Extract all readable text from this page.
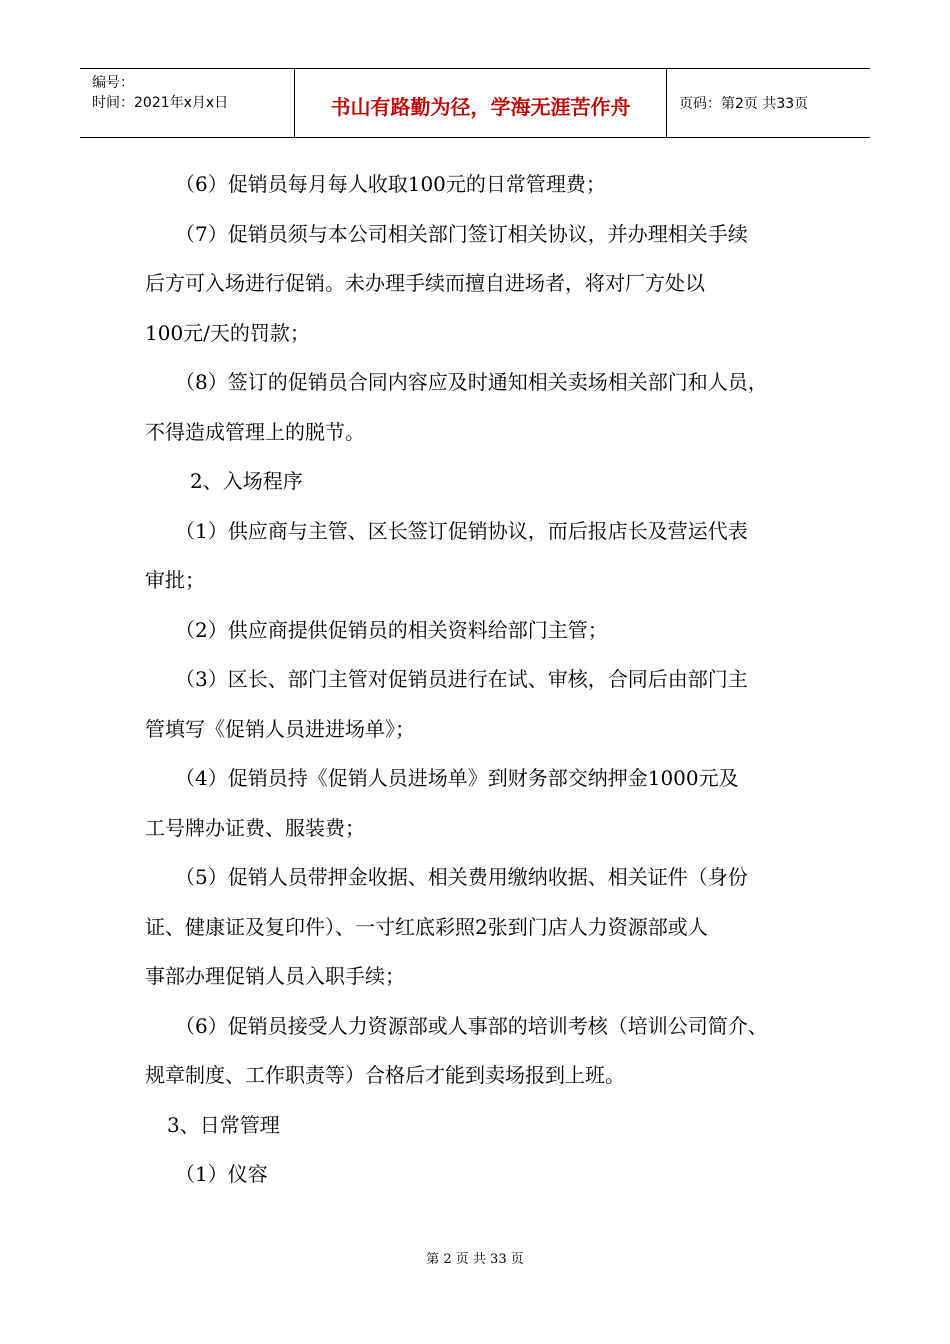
编号：
时间：2021年x月x日	书山有路勤为径，学海无涯苦作舟	页码：第2页 共33页

（6）促销员每月每人收取100元的日常管理费；

（7）促销员须与本公司相关部门签订相关协议，并办理相关手续

后方可入场进行促销。未办理手续而擅自进场者，将对厂方处以

100元/天的罚款；

（8）签订的促销员合同内容应及时通知相关卖场相关部门和人员，

不得造成管理上的脱节。

2、入场程序

（1）供应商与主管、区长签订促销协议，而后报店长及营运代表

审批；

（2）供应商提供促销员的相关资料给部门主管；

（3）区长、部门主管对促销员进行在试、审核，合同后由部门主

管填写《促销人员进进场单》；

（4）促销员持《促销人员进场单》到财务部交纳押金1000元及

工号牌办证费、服装费；

（5）促销人员带押金收据、相关费用缴纳收据、相关证件（身份

证、健康证及复印件）、一寸红底彩照2张到门店人力资源部或人

事部办理促销人员入职手续；

（6）促销员接受人力资源部或人事部的培训考核（培训公司简介、

规章制度、工作职责等）合格后才能到卖场报到上班。

3、日常管理

（1）仪容

第 2 页 共 33 页
